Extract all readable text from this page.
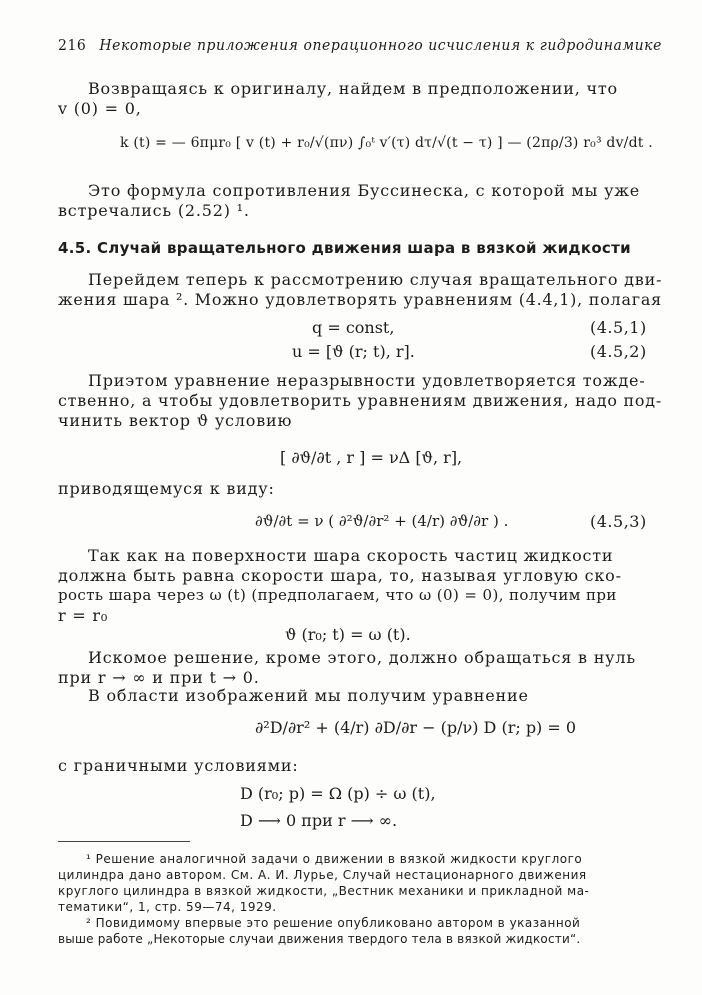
216 Некоторые приложения операционного исчисления к гидродинамике
Возвращаясь к оригиналу, найдем в предположении, что
v (0) = 0,
k (t) = — 6πμr₀ [ v (t) + r₀/√(πν) ∫₀ᵗ v′(τ) dτ/√(t − τ) ] — (2πρ/3) r₀³ dv/dt .
Это формула сопротивления Буссинеска, с которой мы уже
встречались (2.52) ¹.
4.5. Случай вращательного движения шара в вязкой жидкости
Перейдем теперь к рассмотрению случая вращательного дви-
жения шара ². Можно удовлетворять уравнениям (4.4,1), полагая
q = const,	(4.5,1)
u = [ϑ (r; t), r].	(4.5,2)
Приэтом уравнение неразрывности удовлетворяется тожде-
ственно, а чтобы удовлетворить уравнениям движения, надо под-
чинить вектор ϑ условию
[ ∂ϑ/∂t , r ] = νΔ [ϑ, r],
приводящемуся к виду:
∂ϑ/∂t = ν ( ∂²ϑ/∂r² + (4/r) ∂ϑ/∂r ) .	(4.5,3)
Так как на поверхности шара скорость частиц жидкости
должна быть равна скорости шара, то, называя угловую ско-
рость шара через ω (t) (предполагаем, что ω (0) = 0), получим при
r = r₀
ϑ (r₀; t) = ω (t).
Искомое решение, кроме этого, должно обращаться в нуль
при r → ∞ и при t → 0.
В области изображений мы получим уравнение
∂²D/∂r² + (4/r) ∂D/∂r − (p/ν) D (r; p) = 0
с граничными условиями:
D (r₀; p) = Ω (p) ÷ ω (t),
D ⟶ 0 при r ⟶ ∞.
¹ Решение аналогичной задачи о движении в вязкой жидкости круглого
цилиндра дано автором. См. А. И. Лурье, Случай нестационарного движения
круглого цилиндра в вязкой жидкости, „Вестник механики и прикладной ма-
тематики“, 1, стр. 59—74, 1929.
² Повидимому впервые это решение опубликовано автором в указанной
выше работе „Некоторые случаи движения твердого тела в вязкой жидкости“.
